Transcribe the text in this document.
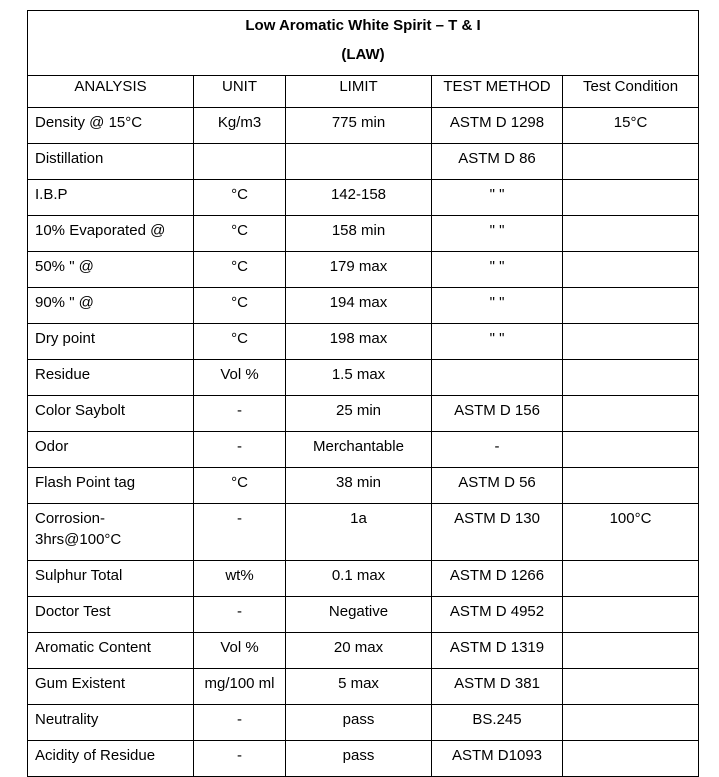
Low Aromatic White Spirit – T & I
(LAW)				

ANALYSIS	UNIT	LIMIT	TEST METHOD	Test Condition
Density @ 15°C	Kg/m3	775 min	ASTM D 1298	15°C
Distillation			ASTM D 86	
I.B.P	°C	142-158	" "	
10% Evaporated @	°C	158 min	" "	
50% " @	°C	179 max	" "	
90% " @	°C	194 max	" "	
Dry point	°C	198 max	" "	
Residue	Vol %	1.5 max		
Color Saybolt	-	25 min	ASTM D 156	
Odor	-	Merchantable	-	
Flash Point tag	°C	38 min	ASTM D 56	
Corrosion-3hrs@100°C	-	1a	ASTM D 130	100°C
Sulphur Total	wt%	0.1 max	ASTM D 1266	
Doctor Test	-	Negative	ASTM D 4952	
Aromatic Content	Vol %	20 max	ASTM D 1319	
Gum Existent	mg/100 ml	5 max	ASTM D 381	
Neutrality	-	pass	BS.245	
Acidity of Residue	-	pass	ASTM D1093	
